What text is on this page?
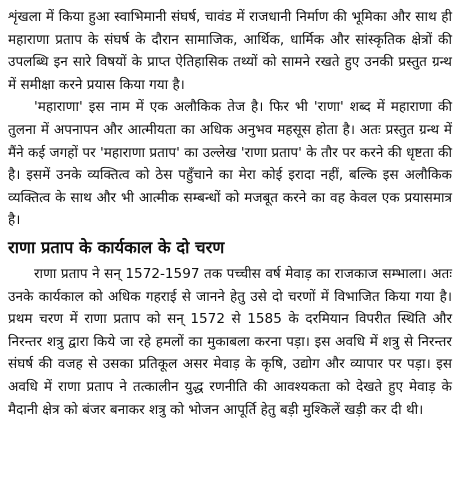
शृंखला में किया हुआ स्वाभिमानी संघर्ष, चावंड में राजधानी निर्माण की भूमिका और साथ ही महाराणा प्रताप के संघर्ष के दौरान सामाजिक, आर्थिक, धार्मिक और सांस्कृतिक क्षेत्रों की उपलब्धि इन सारे विषयों के प्राप्त ऐतिहासिक तथ्यों को सामने रखते हुए उनकी प्रस्तुत ग्रन्थ में समीक्षा करने प्रयास किया गया है।

'महाराणा' इस नाम में एक अलौकिक तेज है। फिर भी 'राणा' शब्द में महाराणा की तुलना में अपनापन और आत्मीयता का अधिक अनुभव महसूस होता है। अतः प्रस्तुत ग्रन्थ में मैंने कई जगहों पर 'महाराणा प्रताप' का उल्लेख 'राणा प्रताप' के तौर पर करने की धृष्टता की है। इसमें उनके व्यक्तित्व को ठेस पहुँचाने का मेरा कोई इरादा नहीं, बल्कि इस अलौकिक व्यक्तित्व के साथ और भी आत्मीक सम्बन्धों को मजबूत करने का वह केवल एक प्रयासमात्र है।

राणा प्रताप के कार्यकाल के दो चरण

राणा प्रताप ने सन् 1572-1597 तक पच्चीस वर्ष मेवाड़ का राजकाज सम्भाला। अतः उनके कार्यकाल को अधिक गहराई से जानने हेतु उसे दो चरणों में विभाजित किया गया है। प्रथम चरण में राणा प्रताप को सन् 1572 से 1585 के दरमियान विपरीत स्थिति और निरन्तर शत्रु द्वारा किये जा रहे हमलों का मुकाबला करना पड़ा। इस अवधि में शत्रु से निरन्तर संघर्ष की वजह से उसका प्रतिकूल असर मेवाड़ के कृषि, उद्योग और व्यापार पर पड़ा। इस अवधि में राणा प्रताप ने तत्कालीन युद्ध रणनीति की आवश्यकता को देखते हुए मेवाड़ के मैदानी क्षेत्र को बंजर बनाकर शत्रु को भोजन आपूर्ति हेतु बड़ी मुश्किलें खड़ी कर दी थी।
